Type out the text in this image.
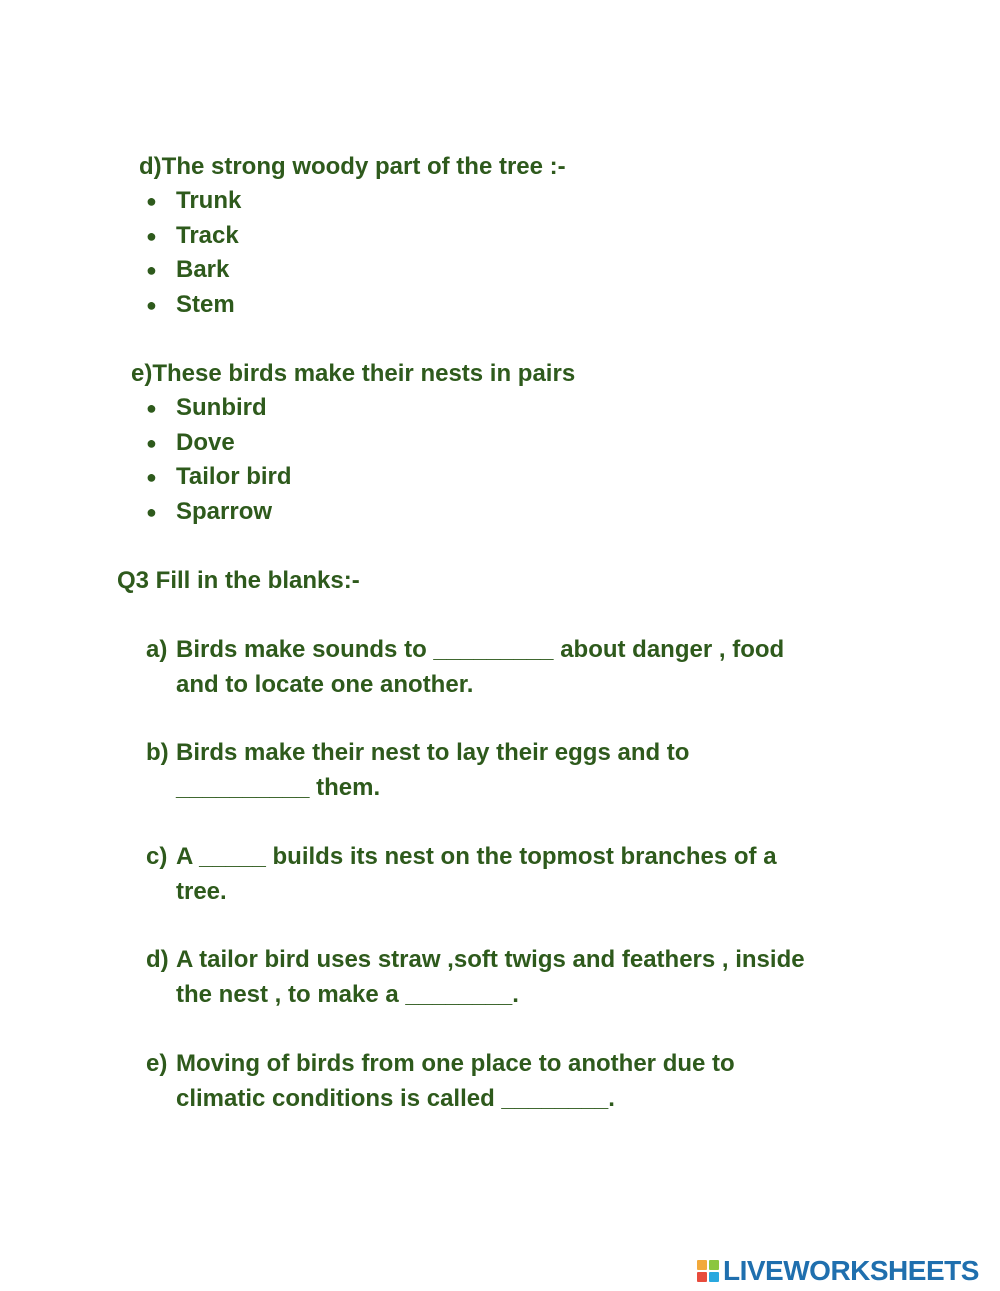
d)The strong woody part of the tree :-
● Trunk
● Track
● Bark
● Stem
e)These birds make their nests in pairs
● Sunbird
● Dove
● Tailor bird
● Sparrow
Q3 Fill in the blanks:-
a) Birds make sounds to _________ about danger , food
and to locate one another.
b) Birds make their nest to lay their eggs and to
__________ them.
c) A _____ builds its nest on the topmost branches of a
tree.
d) A tailor bird uses straw ,soft twigs and feathers , inside
the nest , to make a ________.
e) Moving of birds from one place to another due to
climatic conditions is called ________.
LIVEWORKSHEETS
